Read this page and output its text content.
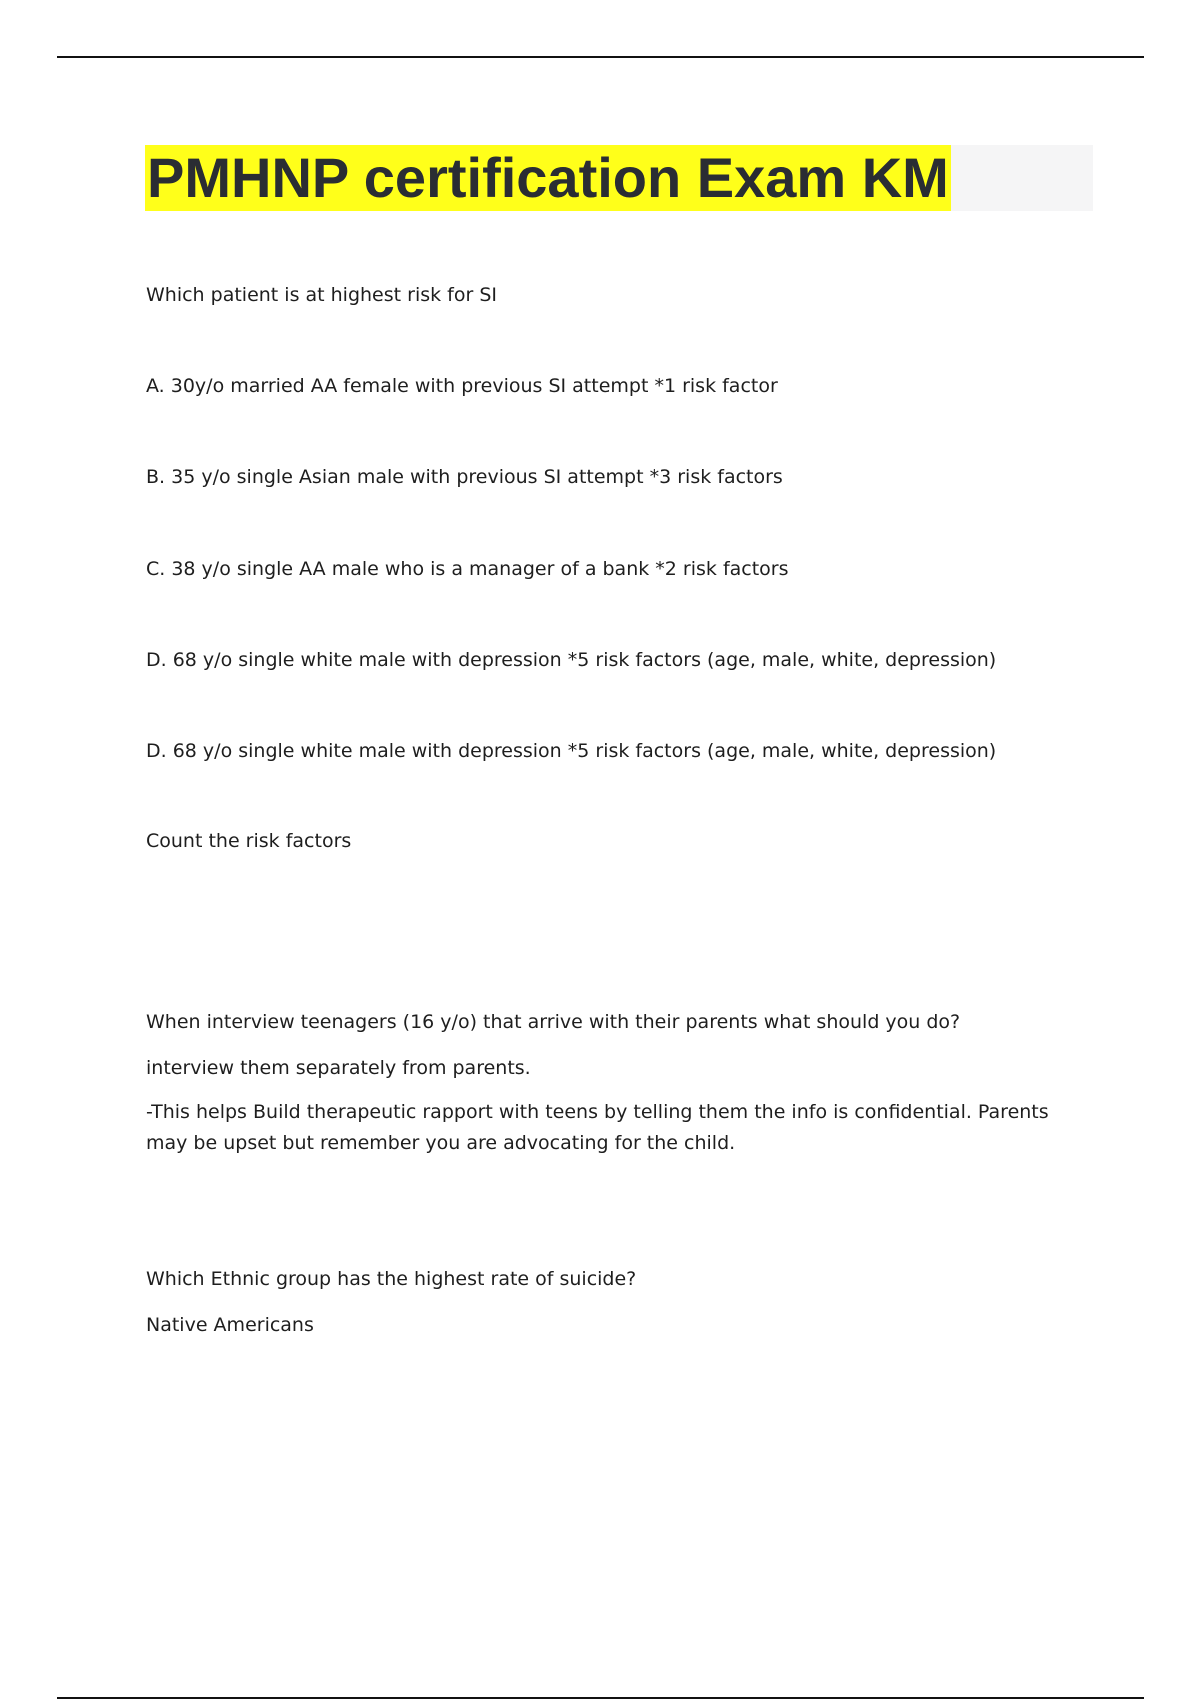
PMHNP certification Exam KM
Which patient is at highest risk for SI
A. 30y/o married AA female with previous SI attempt *1 risk factor
B. 35 y/o single Asian male with previous SI attempt *3 risk factors
C. 38 y/o single AA male who is a manager of a bank *2 risk factors
D. 68 y/o single white male with depression *5 risk factors (age, male, white, depression)
D. 68 y/o single white male with depression *5 risk factors (age, male, white, depression)
Count the risk factors
When interview teenagers (16 y/o) that arrive with their parents what should you do?
interview them separately from parents.
-This helps Build therapeutic rapport with teens by telling them the info is confidential. Parents may be upset but remember you are advocating for the child.
Which Ethnic group has the highest rate of suicide?
Native Americans
